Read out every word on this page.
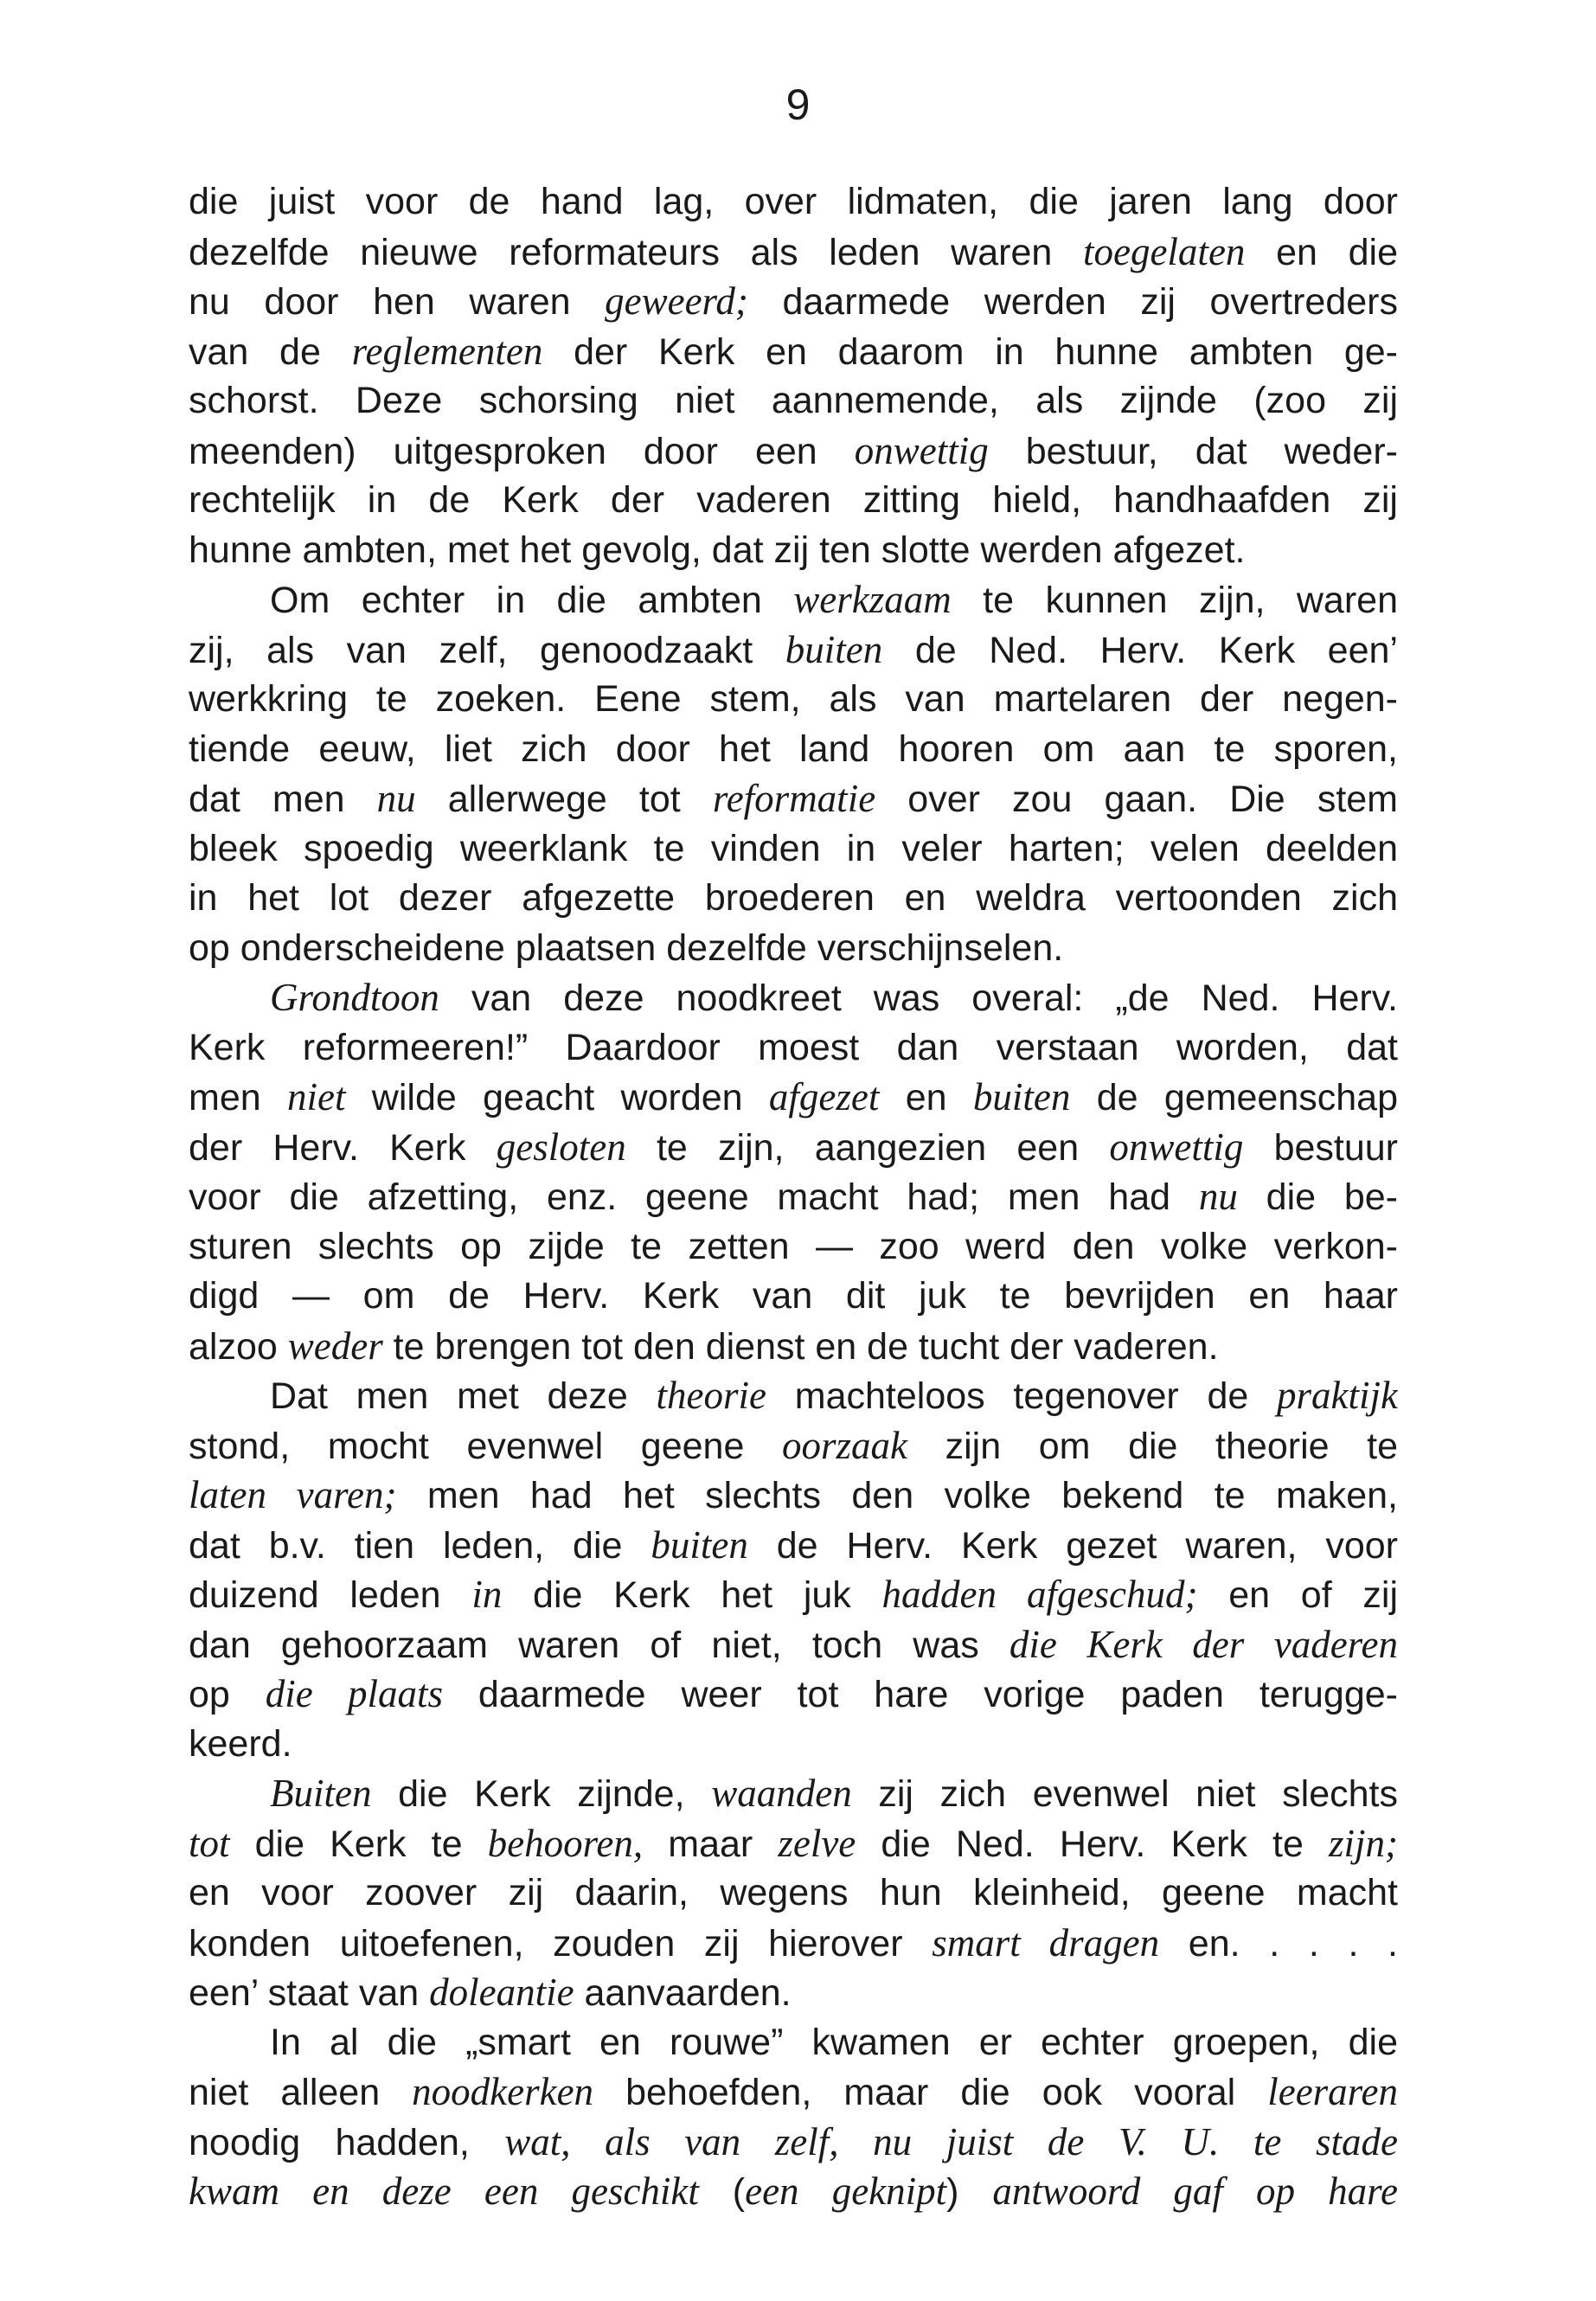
9
die juist voor de hand lag, over lidmaten, die jaren lang door
dezelfde nieuwe reformateurs als leden waren toegelaten en die
nu door hen waren geweerd; daarmede werden zij overtreders
van de reglementen der Kerk en daarom in hunne ambten ge-
schorst. Deze schorsing niet aannemende, als zijnde (zoo zij
meenden) uitgesproken door een onwettig bestuur, dat weder-
rechtelijk in de Kerk der vaderen zitting hield, handhaafden zij
hunne ambten, met het gevolg, dat zij ten slotte werden afgezet.
Om echter in die ambten werkzaam te kunnen zijn, waren
zij, als van zelf, genoodzaakt buiten de Ned. Herv. Kerk een’
werkkring te zoeken. Eene stem, als van martelaren der negen-
tiende eeuw, liet zich door het land hooren om aan te sporen,
dat men nu allerwege tot reformatie over zou gaan. Die stem
bleek spoedig weerklank te vinden in veler harten; velen deelden
in het lot dezer afgezette broederen en weldra vertoonden zich
op onderscheidene plaatsen dezelfde verschijnselen.
Grondtoon van deze noodkreet was overal: „de Ned. Herv.
Kerk reformeeren!” Daardoor moest dan verstaan worden, dat
men niet wilde geacht worden afgezet en buiten de gemeenschap
der Herv. Kerk gesloten te zijn, aangezien een onwettig bestuur
voor die afzetting, enz. geene macht had; men had nu die be-
sturen slechts op zijde te zetten — zoo werd den volke verkon-
digd — om de Herv. Kerk van dit juk te bevrijden en haar
alzoo weder te brengen tot den dienst en de tucht der vaderen.
Dat men met deze theorie machteloos tegenover de praktijk
stond, mocht evenwel geene oorzaak zijn om die theorie te
laten varen; men had het slechts den volke bekend te maken,
dat b.v. tien leden, die buiten de Herv. Kerk gezet waren, voor
duizend leden in die Kerk het juk hadden afgeschud; en of zij
dan gehoorzaam waren of niet, toch was die Kerk der vaderen
op die plaats daarmede weer tot hare vorige paden terugge-
keerd.
Buiten die Kerk zijnde, waanden zij zich evenwel niet slechts
tot die Kerk te behooren, maar zelve die Ned. Herv. Kerk te zijn;
en voor zoover zij daarin, wegens hun kleinheid, geene macht
konden uitoefenen, zouden zij hierover smart dragen en. . . . .
een’ staat van doleantie aanvaarden.
In al die „smart en rouwe” kwamen er echter groepen, die
niet alleen noodkerken behoefden, maar die ook vooral leeraren
noodig hadden, wat, als van zelf, nu juist de V. U. te stade
kwam en deze een geschikt (een geknipt) antwoord gaf op hare
